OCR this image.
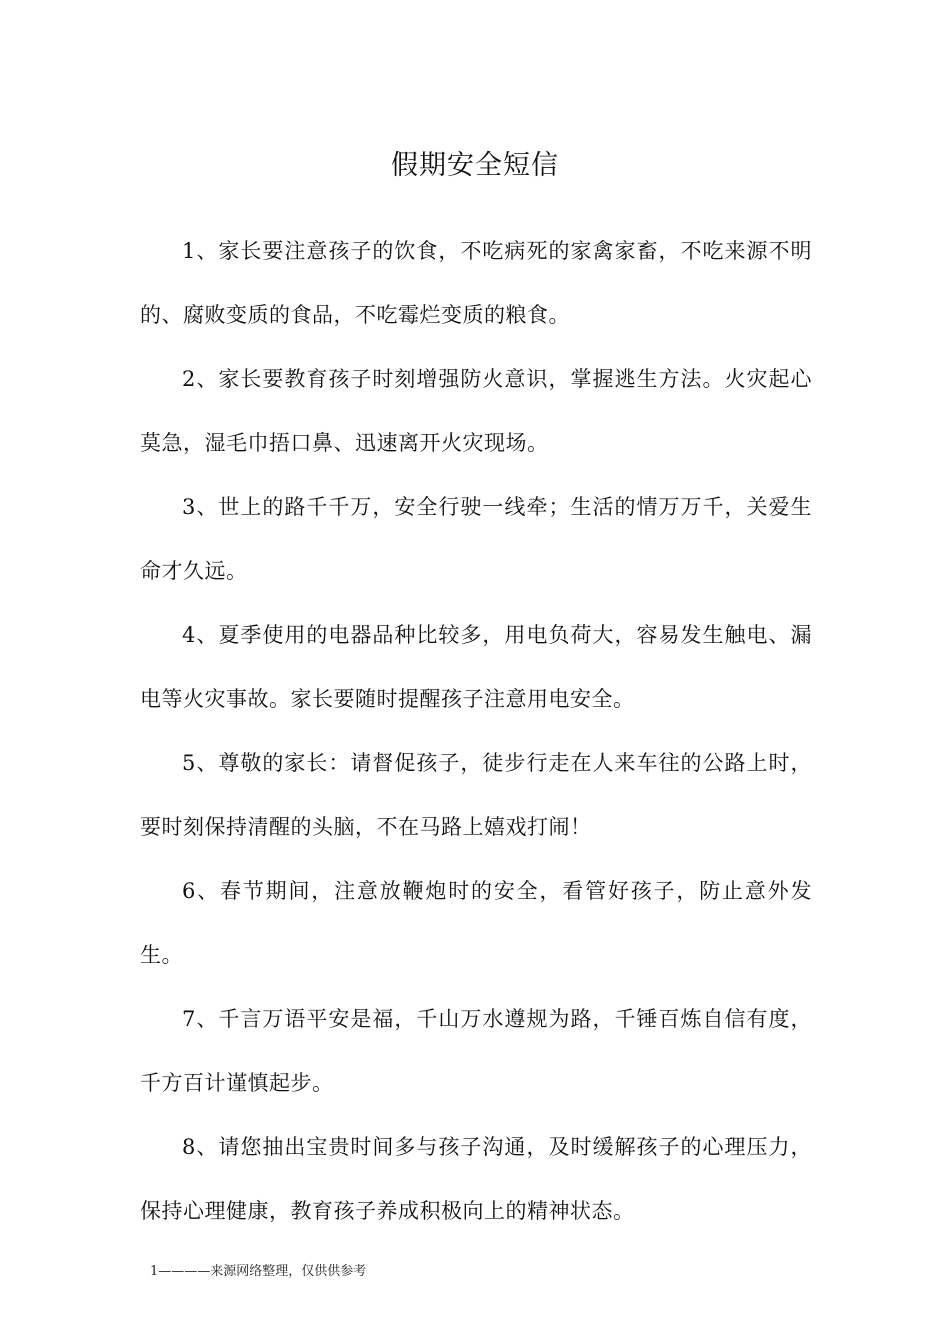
假期安全短信

1、家长要注意孩子的饮食，不吃病死的家禽家畜，不吃来源不明的、腐败变质的食品，不吃霉烂变质的粮食。

2、家长要教育孩子时刻增强防火意识，掌握逃生方法。火灾起心莫急，湿毛巾捂口鼻、迅速离开火灾现场。

3、世上的路千千万，安全行驶一线牵；生活的情万万千，关爱生命才久远。

4、夏季使用的电器品种比较多，用电负荷大，容易发生触电、漏电等火灾事故。家长要随时提醒孩子注意用电安全。

5、尊敬的家长：请督促孩子，徒步行走在人来车往的公路上时，要时刻保持清醒的头脑，不在马路上嬉戏打闹！

6、春节期间，注意放鞭炮时的安全，看管好孩子，防止意外发生。

7、千言万语平安是福，千山万水遵规为路，千锤百炼自信有度，千方百计谨慎起步。

8、请您抽出宝贵时间多与孩子沟通，及时缓解孩子的心理压力，保持心理健康，教育孩子养成积极向上的精神状态。

1————来源网络整理，仅供供参考
